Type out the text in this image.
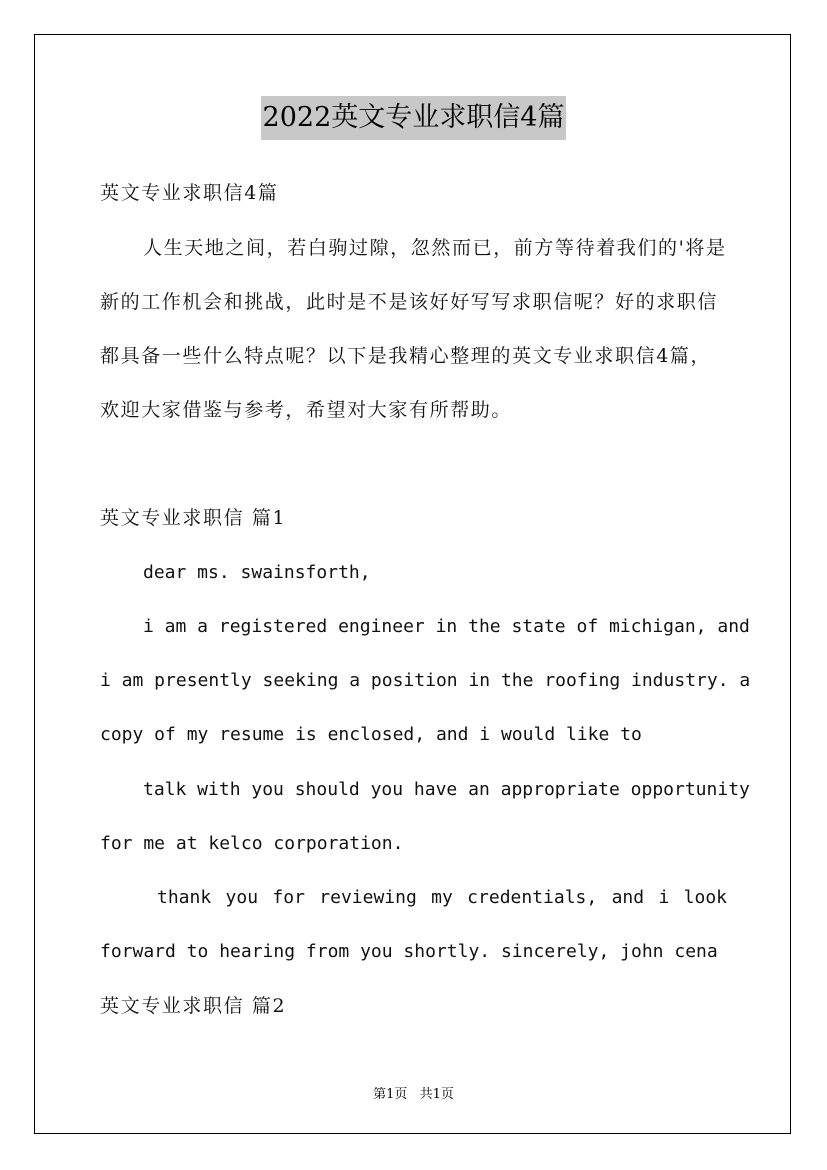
2022英文专业求职信4篇
英文专业求职信4篇
人生天地之间，若白驹过隙，忽然而已，前方等待着我们的'将是
新的工作机会和挑战，此时是不是该好好写写求职信呢？好的求职信
都具备一些什么特点呢？以下是我精心整理的英文专业求职信4篇，
欢迎大家借鉴与参考，希望对大家有所帮助。
英文专业求职信 篇1
dear ms. swainsforth,
i am a registered engineer in the state of michigan, and
i am presently seeking a position in the roofing industry. a
copy of my resume is enclosed, and i would like to
talk with you should you have an appropriate opportunity
for me at kelco corporation.
thank you for reviewing my credentials, and i look
forward to hearing from you shortly. sincerely, john cena
英文专业求职信 篇2
第1页 共1页
